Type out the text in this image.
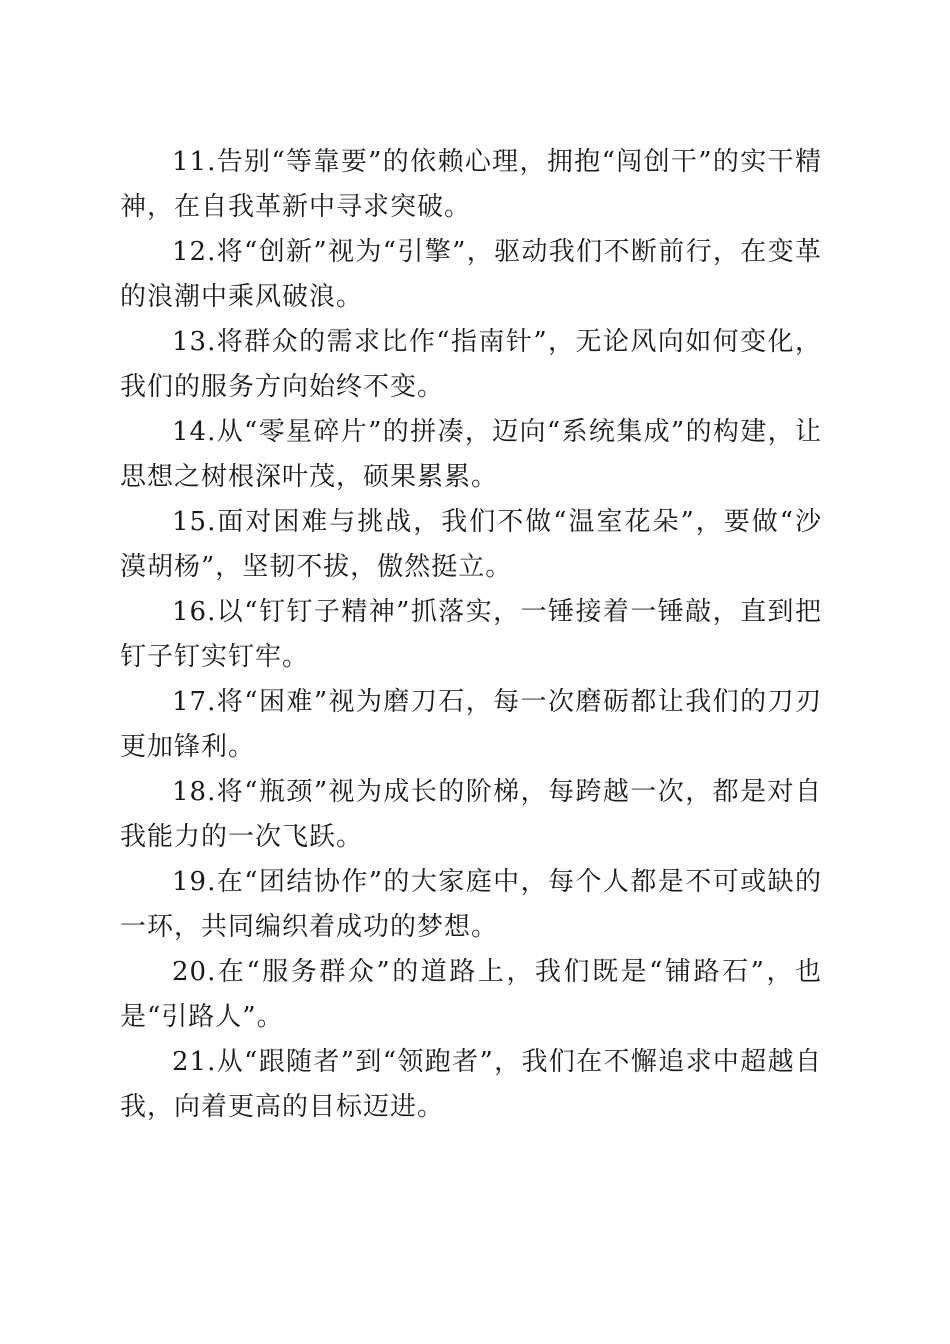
11.告别“等靠要”的依赖心理，拥抱“闯创干”的实干精神，在自我革新中寻求突破。

12.将“创新”视为“引擎”，驱动我们不断前行，在变革的浪潮中乘风破浪。

13.将群众的需求比作“指南针”，无论风向如何变化，我们的服务方向始终不变。

14.从“零星碎片”的拼凑，迈向“系统集成”的构建，让思想之树根深叶茂，硕果累累。

15.面对困难与挑战，我们不做“温室花朵”，要做“沙漠胡杨”，坚韧不拔，傲然挺立。

16.以“钉钉子精神”抓落实，一锤接着一锤敲，直到把钉子钉实钉牢。

17.将“困难”视为磨刀石，每一次磨砺都让我们的刀刃更加锋利。

18.将“瓶颈”视为成长的阶梯，每跨越一次，都是对自我能力的一次飞跃。

19.在“团结协作”的大家庭中，每个人都是不可或缺的一环，共同编织着成功的梦想。

20.在“服务群众”的道路上，我们既是“铺路石”，也是“引路人”。

21.从“跟随者”到“领跑者”，我们在不懈追求中超越自我，向着更高的目标迈进。
